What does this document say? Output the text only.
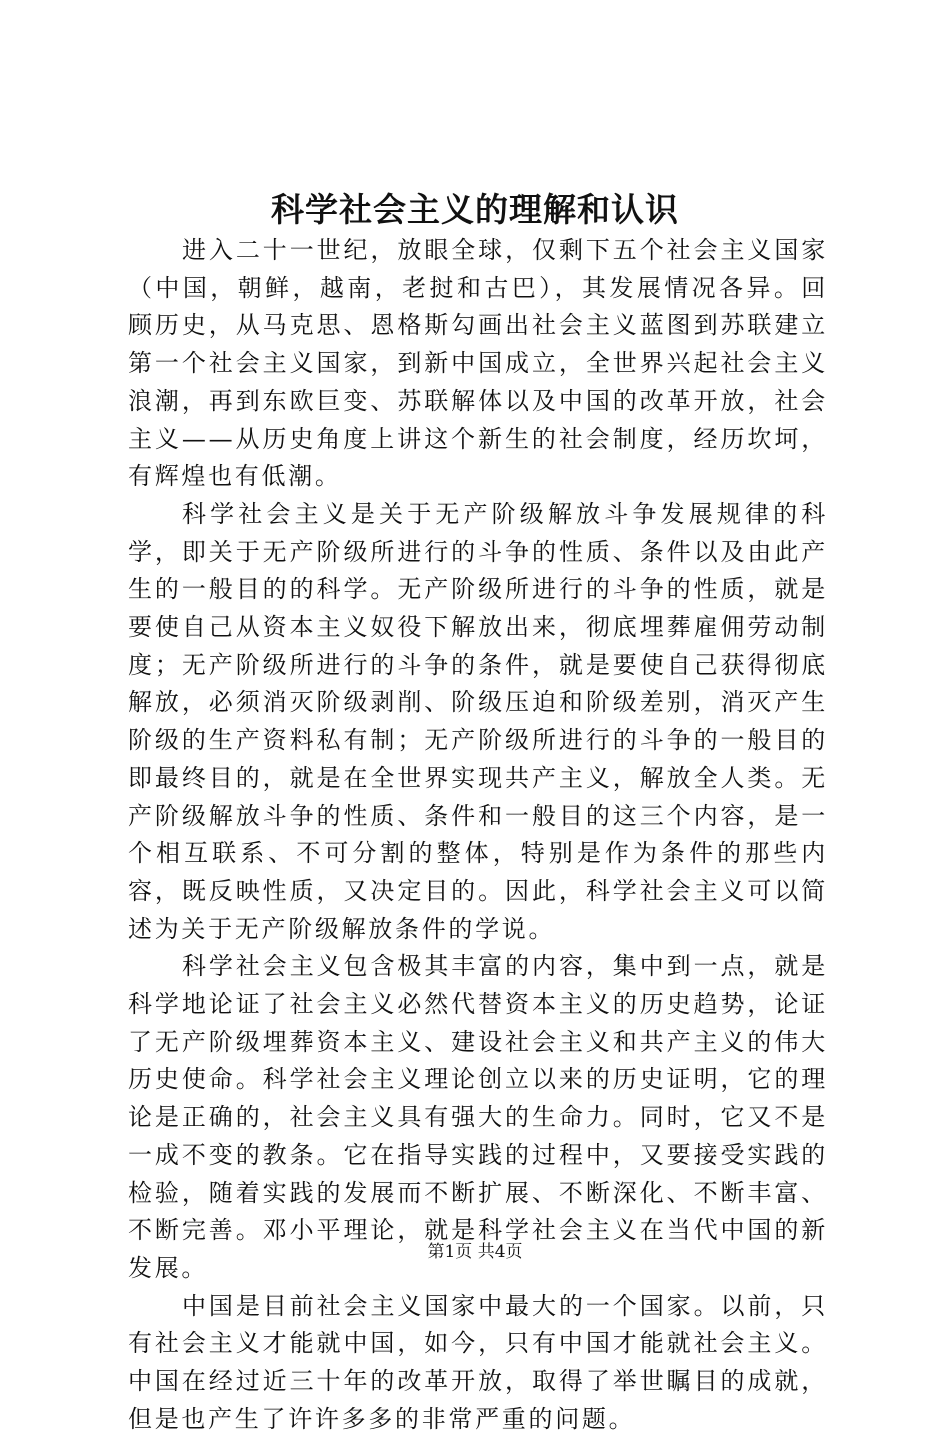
科学社会主义的理解和认识

进入二十一世纪，放眼全球，仅剩下五个社会主义国家（中国，朝鲜，越南，老挝和古巴），其发展情况各异。回顾历史，从马克思、恩格斯勾画出社会主义蓝图到苏联建立第一个社会主义国家，到新中国成立，全世界兴起社会主义浪潮，再到东欧巨变、苏联解体以及中国的改革开放，社会主义——从历史角度上讲这个新生的社会制度，经历坎坷，有辉煌也有低潮。

科学社会主义是关于无产阶级解放斗争发展规律的科学，即关于无产阶级所进行的斗争的性质、条件以及由此产生的一般目的的科学。无产阶级所进行的斗争的性质，就是要使自己从资本主义奴役下解放出来，彻底埋葬雇佣劳动制度；无产阶级所进行的斗争的条件，就是要使自己获得彻底解放，必须消灭阶级剥削、阶级压迫和阶级差别，消灭产生阶级的生产资料私有制；无产阶级所进行的斗争的一般目的即最终目的，就是在全世界实现共产主义，解放全人类。无产阶级解放斗争的性质、条件和一般目的这三个内容，是一个相互联系、不可分割的整体，特别是作为条件的那些内容，既反映性质，又决定目的。因此，科学社会主义可以简述为关于无产阶级解放条件的学说。

科学社会主义包含极其丰富的内容，集中到一点，就是科学地论证了社会主义必然代替资本主义的历史趋势，论证了无产阶级埋葬资本主义、建设社会主义和共产主义的伟大历史使命。科学社会主义理论创立以来的历史证明，它的理论是正确的，社会主义具有强大的生命力。同时，它又不是一成不变的教条。它在指导实践的过程中，又要接受实践的检验，随着实践的发展而不断扩展、不断深化、不断丰富、不断完善。邓小平理论，就是科学社会主义在当代中国的新发展。

中国是目前社会主义国家中最大的一个国家。以前，只有社会主义才能就中国，如今，只有中国才能就社会主义。中国在经过近三十年的改革开放，取得了举世瞩目的成就，但是也产生了许许多多的非常严重的问题。

第1页 共4页
